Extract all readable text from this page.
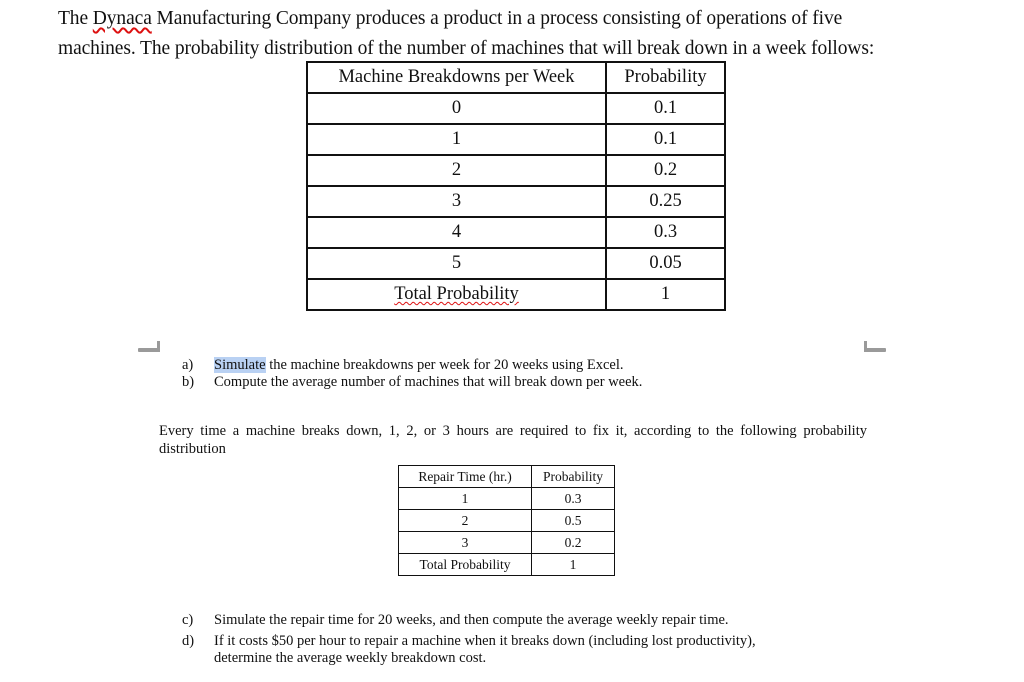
The Dynaca Manufacturing Company produces a product in a process consisting of operations of five
machines. The probability distribution of the number of machines that will break down in a week follows:
Machine Breakdowns per Week	Probability
0	0.1
1	0.1
2	0.2
3	0.25
4	0.3
5	0.05
Total Probability	1
a)	Simulate the machine breakdowns per week for 20 weeks using Excel.
b)	Compute the average number of machines that will break down per week.
Every time a machine breaks down, 1, 2, or 3 hours are required to fix it, according to the following probability distribution
Repair Time (hr.)	Probability
1	0.3
2	0.5
3	0.2
Total Probability	1
c)	Simulate the repair time for 20 weeks, and then compute the average weekly repair time.
d)	If it costs $50 per hour to repair a machine when it breaks down (including lost productivity),
determine the average weekly breakdown cost.
